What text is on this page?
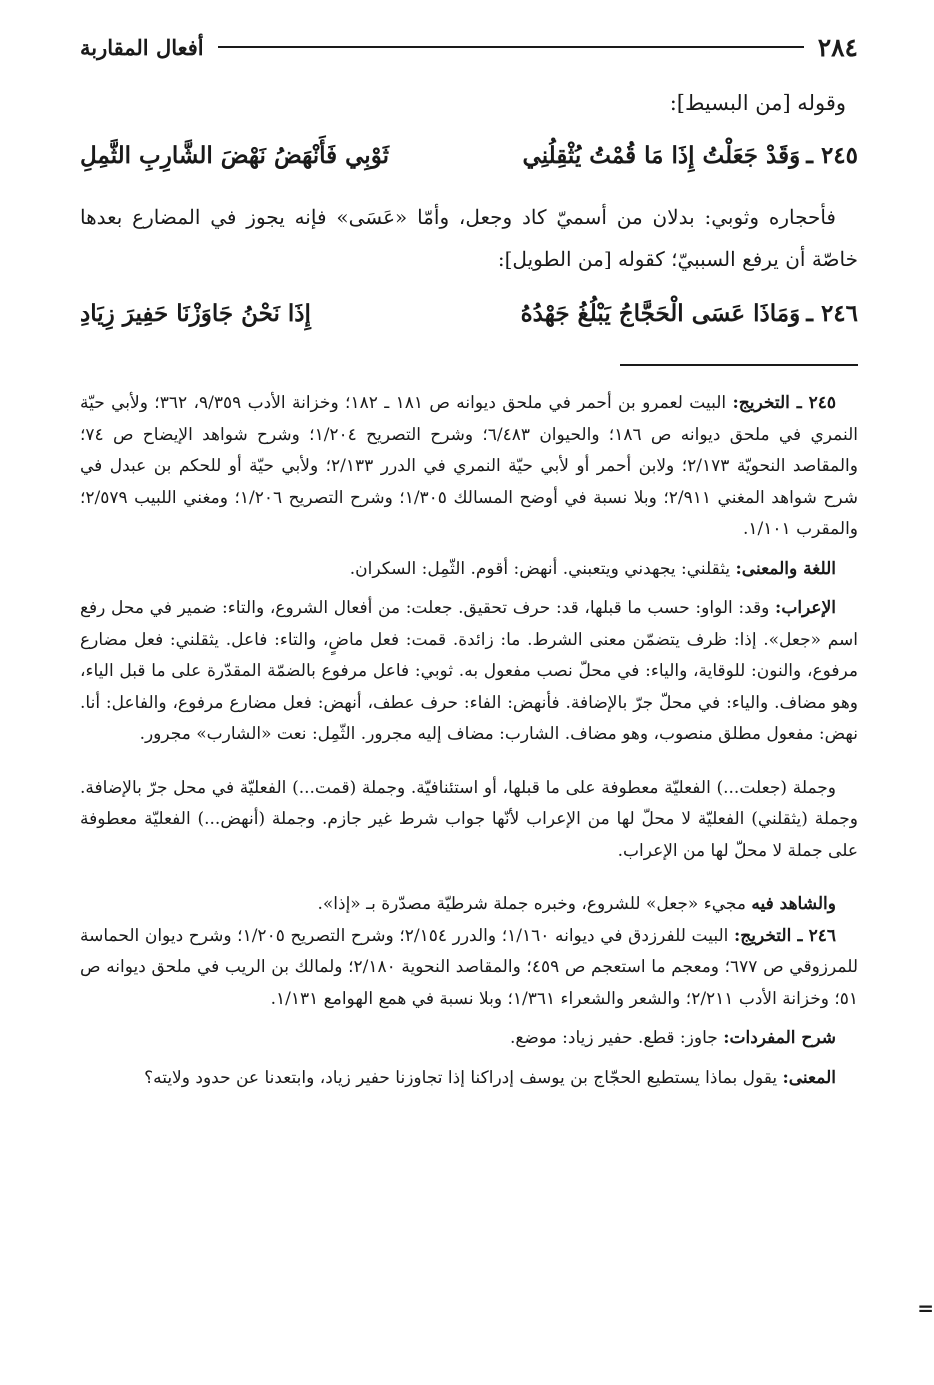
٢٨٤
أفعال المقاربة

وقوله [من البسيط]:

٢٤٥ ـ
وَقَدْ جَعَلْتُ إِذَا مَا قُمْتُ يُثْقِلُنِي
ثَوْبِي فَأَنْهَضُ نَهْضَ الشَّارِبِ الثَّمِلِ

فأحجاره وثوبي: بدلان من أسميّ كاد وجعل، وأمّا «عَسَى» فإنه يجوز في المضارع بعدها خاصّة أن يرفع السببيّ؛ كقوله [من الطويل]:

٢٤٦ ـ
وَمَاذَا عَسَى الْحَجَّاجُ يَبْلُغُ جَهْدُهُ
إِذَا نَحْنُ جَاوَزْنَا حَفِيرَ زِيَادِ

٢٤٥ ـ التخريج: البيت لعمرو بن أحمر في ملحق ديوانه ص ١٨١ ـ ١٨٢؛ وخزانة الأدب ٩/٣٥٩، ٣٦٢؛ ولأبي حيّة النمري في ملحق ديوانه ص ١٨٦؛ والحيوان ٦/٤٨٣؛ وشرح التصريح ١/٢٠٤؛ وشرح شواهد الإيضاح ص ٧٤؛ والمقاصد النحويّة ٢/١٧٣؛ ولابن أحمر أو لأبي حيّة النمري في الدرر ٢/١٣٣؛ ولأبي حيّة أو للحكم بن عبدل في شرح شواهد المغني ٢/٩١١؛ وبلا نسبة في أوضح المسالك ١/٣٠٥؛ وشرح التصريح ١/٢٠٦؛ ومغني اللبيب ٢/٥٧٩؛ والمقرب ١/١٠١.

اللغة والمعنى: يثقلني: يجهدني ويتعبني. أنهض: أقوم. الثّمِل: السكران.

الإعراب: وقد: الواو: حسب ما قبلها، قد: حرف تحقيق. جعلت: من أفعال الشروع، والتاء: ضمير في محل رفع اسم «جعل». إذا: ظرف يتضمّن معنى الشرط. ما: زائدة. قمت: فعل ماضٍ، والتاء: فاعل. يثقلني: فعل مضارع مرفوع، والنون: للوقاية، والياء: في محلّ نصب مفعول به. ثوبي: فاعل مرفوع بالضمّة المقدّرة على ما قبل الياء، وهو مضاف. والياء: في محلّ جرّ بالإضافة. فأنهض: الفاء: حرف عطف، أنهض: فعل مضارع مرفوع، والفاعل: أنا. نهض: مفعول مطلق منصوب، وهو مضاف. الشارب: مضاف إليه مجرور. الثّمِل: نعت «الشارب» مجرور.

وجملة (جعلت...) الفعليّة معطوفة على ما قبلها، أو استئنافيّة. وجملة (قمت...) الفعليّة في محل جرّ بالإضافة. وجملة (يثقلني) الفعليّة لا محلّ لها من الإعراب لأنّها جواب شرط غير جازم. وجملة (أنهض...) الفعليّة معطوفة على جملة لا محلّ لها من الإعراب.

والشاهد فيه مجيء «جعل» للشروع، وخبره جملة شرطيّة مصدّرة بـ «إذا».

٢٤٦ ـ التخريج: البيت للفرزدق في ديوانه ١/١٦٠؛ والدرر ٢/١٥٤؛ وشرح التصريح ١/٢٠٥؛ وشرح ديوان الحماسة للمرزوقي ص ٦٧٧؛ ومعجم ما استعجم ص ٤٥٩؛ والمقاصد النحوية ٢/١٨٠؛ ولمالك بن الريب في ملحق ديوانه ص ٥١؛ وخزانة الأدب ٢/٢١١؛ والشعر والشعراء ١/٣٦١؛ وبلا نسبة في همع الهوامع ١/١٣١.

شرح المفردات: جاوز: قطع. حفير زياد: موضع.

المعنى: يقول بماذا يستطيع الحجّاج بن يوسف إدراكنا إذا تجاوزنا حفير زياد، وابتعدنا عن حدود ولايته؟

=
